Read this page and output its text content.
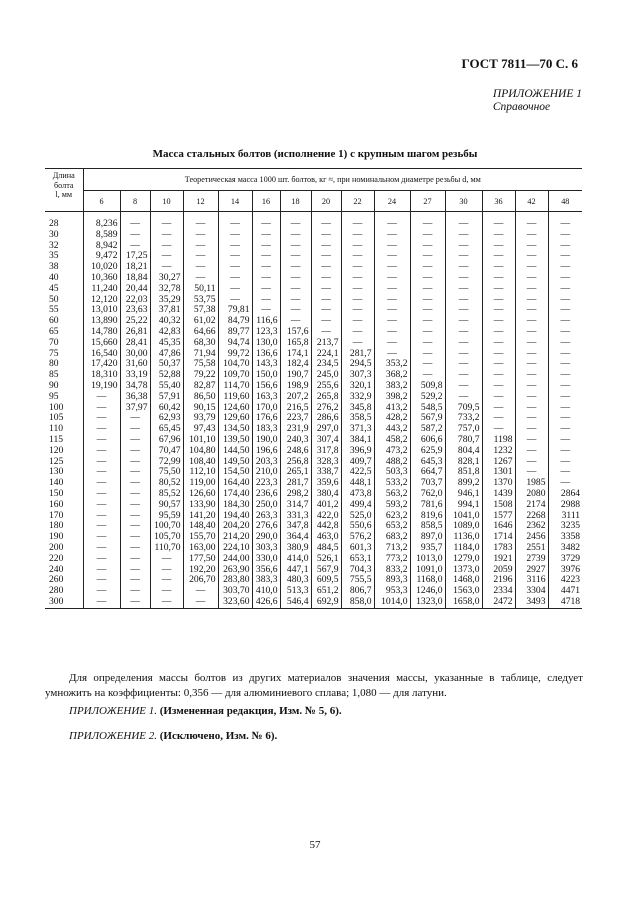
ГОСТ 7811—70 С. 6
ПРИЛОЖЕНИЕ 1
Справочное
Масса стальных болтов (исполнение 1) с крупным шагом резьбы
Длина
болта
l, мм	Теоретическая масса 1000 шт. болтов, кг ≈, при номинальном диаметре резьбы d, мм														
	6	8	10	12	14	16	18	20	22	24	27	30	36	42	48

28	8,236	—	—	—	—	—	—	—	—	—	—	—	—	—	—
30	8,589	—	—	—	—	—	—	—	—	—	—	—	—	—	—
32	8,942	—	—	—	—	—	—	—	—	—	—	—	—	—	—
35	9,472	17,25	—	—	—	—	—	—	—	—	—	—	—	—	—
38	10,020	18,21	—	—	—	—	—	—	—	—	—	—	—	—	—
40	10,360	18,84	30,27	—	—	—	—	—	—	—	—	—	—	—	—
45	11,240	20,44	32,78	50,11	—	—	—	—	—	—	—	—	—	—	—
50	12,120	22,03	35,29	53,75	—	—	—	—	—	—	—	—	—	—	—
55	13,010	23,63	37,81	57,38	79,81	—	—	—	—	—	—	—	—	—	—
60	13,890	25,22	40,32	61,02	84,79	116,6	—	—	—	—	—	—	—	—	—
65	14,780	26,81	42,83	64,66	89,77	123,3	157,6	—	—	—	—	—	—	—	—
70	15,660	28,41	45,35	68,30	94,74	130,0	165,8	213,7	—	—	—	—	—	—	—
75	16,540	30,00	47,86	71,94	99,72	136,6	174,1	224,1	281,7	—	—	—	—	—	—
80	17,420	31,60	50,37	75,58	104,70	143,3	182,4	234,5	294,5	353,2	—	—	—	—	—
85	18,310	33,19	52,88	79,22	109,70	150,0	190,7	245,0	307,3	368,2	—	—	—	—	—
90	19,190	34,78	55,40	82,87	114,70	156,6	198,9	255,6	320,1	383,2	509,8	—	—	—	—
95	—	36,38	57,91	86,50	119,60	163,3	207,2	265,8	332,9	398,2	529,2	—	—	—	—
100	—	37,97	60,42	90,15	124,60	170,0	216,5	276,2	345,8	413,2	548,5	709,5	—	—	—
105	—	—	62,93	93,79	129,60	176,6	223,7	286,6	358,5	428,2	567,9	733,2	—	—	—
110	—	—	65,45	97,43	134,50	183,3	231,9	297,0	371,3	443,2	587,2	757,0	—	—	—
115	—	—	67,96	101,10	139,50	190,0	240,3	307,4	384,1	458,2	606,6	780,7	1198	—	—
120	—	—	70,47	104,80	144,50	196,6	248,6	317,8	396,9	473,2	625,9	804,4	1232	—	—
125	—	—	72,99	108,40	149,50	203,3	256,8	328,3	409,7	488,2	645,3	828,1	1267	—	—
130	—	—	75,50	112,10	154,50	210,0	265,1	338,7	422,5	503,3	664,7	851,8	1301	—	—
140	—	—	80,52	119,00	164,40	223,3	281,7	359,6	448,1	533,2	703,7	899,2	1370	1985	—
150	—	—	85,52	126,60	174,40	236,6	298,2	380,4	473,8	563,2	762,0	946,1	1439	2080	2864
160	—	—	90,57	133,90	184,30	250,0	314,7	401,2	499,4	593,2	781,6	994,1	1508	2174	2988
170	—	—	95,59	141,20	194,40	263,3	331,3	422,0	525,0	623,2	819,6	1041,0	1577	2268	3111
180	—	—	100,70	148,40	204,20	276,6	347,8	442,8	550,6	653,2	858,5	1089,0	1646	2362	3235
190	—	—	105,70	155,70	214,20	290,0	364,4	463,0	576,2	683,2	897,0	1136,0	1714	2456	3358
200	—	—	110,70	163,00	224,10	303,3	380,9	484,5	601,3	713,2	935,7	1184,0	1783	2551	3482
220	—	—	—	177,50	244,00	330,0	414,0	526,1	653,1	773,2	1013,0	1279,0	1921	2739	3729
240	—	—	—	192,20	263,90	356,6	447,1	567,9	704,3	833,2	1091,0	1373,0	2059	2927	3976
260	—	—	—	206,70	283,80	383,3	480,3	609,5	755,5	893,3	1168,0	1468,0	2196	3116	4223
280	—	—	—	—	303,70	410,0	513,3	651,2	806,7	953,3	1246,0	1563,0	2334	3304	4471
300	—	—	—	—	323,60	426,6	546,4	692,9	858,0	1014,0	1323,0	1658,0	2472	3493	4718
Для определения массы болтов из других материалов значения массы, указанные в таблице, следует умножить на коэффициенты: 0,356 — для алюминиевого сплава; 1,080 — для латуни.
ПРИЛОЖЕНИЕ 1. (Измененная редакция, Изм. № 5, 6).
ПРИЛОЖЕНИЕ 2. (Исключено, Изм. № 6).
57
